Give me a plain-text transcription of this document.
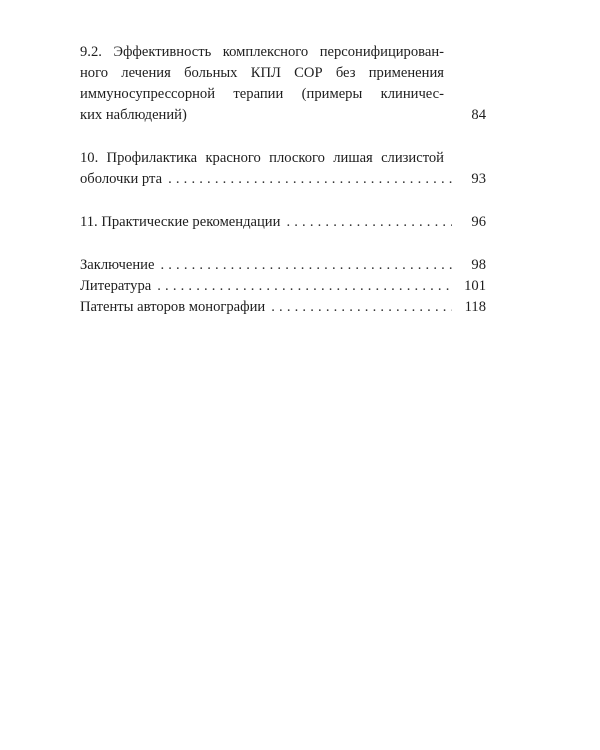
9.2. Эффективность комплексного персонифицирован-
ного лечения больных КПЛ СОР без применения
иммуносупрессорной терапии (примеры клиничес-
ких наблюдений)	84
10. Профилактика красного плоского лишая слизистой
оболочки рта . . .	93
11. Практические рекомендации . . .	96
Заключение . . .	98
Литература . . .	101
Патенты авторов монографии . . .	118
